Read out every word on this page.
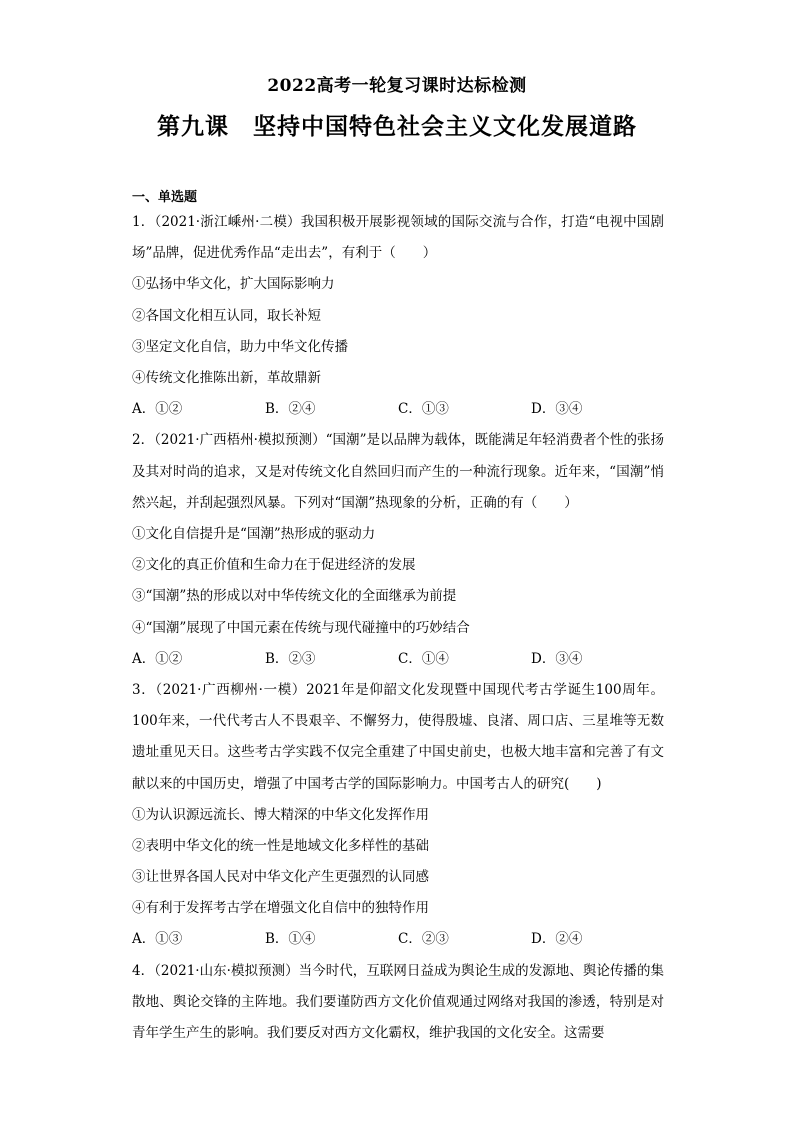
2022高考一轮复习课时达标检测
第九课　坚持中国特色社会主义文化发展道路
一、单选题
1．（2021·浙江嵊州·二模）我国积极开展影视领域的国际交流与合作，打造“电视中国剧场”品牌，促进优秀作品“走出去”，有利于（　　）
①弘扬中华文化，扩大国际影响力
②各国文化相互认同，取长补短
③坚定文化自信，助力中华文化传播
④传统文化推陈出新，革故鼎新
A．①②	B．②④	C．①③	D．③④
2．（2021·广西梧州·模拟预测）“国潮”是以品牌为载体，既能满足年轻消费者个性的张扬及其对时尚的追求，又是对传统文化自然回归而产生的一种流行现象。近年来，“国潮”悄然兴起，并刮起强烈风暴。下列对“国潮”热现象的分析，正确的有（　　）
①文化自信提升是“国潮”热形成的驱动力
②文化的真正价值和生命力在于促进经济的发展
③“国潮”热的形成以对中华传统文化的全面继承为前提
④“国潮”展现了中国元素在传统与现代碰撞中的巧妙结合
A．①②	B．②③	C．①④	D．③④
3．（2021·广西柳州·一模）2021年是仰韶文化发现暨中国现代考古学诞生100周年。100年来，一代代考古人不畏艰辛、不懈努力，使得殷墟、良渚、周口店、三星堆等无数遗址重见天日。这些考古学实践不仅完全重建了中国史前史，也极大地丰富和完善了有文献以来的中国历史，增强了中国考古学的国际影响力。中国考古人的研究(　　)
①为认识源远流长、博大精深的中华文化发挥作用
②表明中华文化的统一性是地域文化多样性的基础
③让世界各国人民对中华文化产生更强烈的认同感
④有利于发挥考古学在增强文化自信中的独特作用
A．①③	B．①④	C．②③	D．②④
4．（2021·山东·模拟预测）当今时代，互联网日益成为舆论生成的发源地、舆论传播的集散地、舆论交锋的主阵地。我们要谨防西方文化价值观通过网络对我国的渗透，特别是对青年学生产生的影响。我们要反对西方文化霸权，维护我国的文化安全。这需要
